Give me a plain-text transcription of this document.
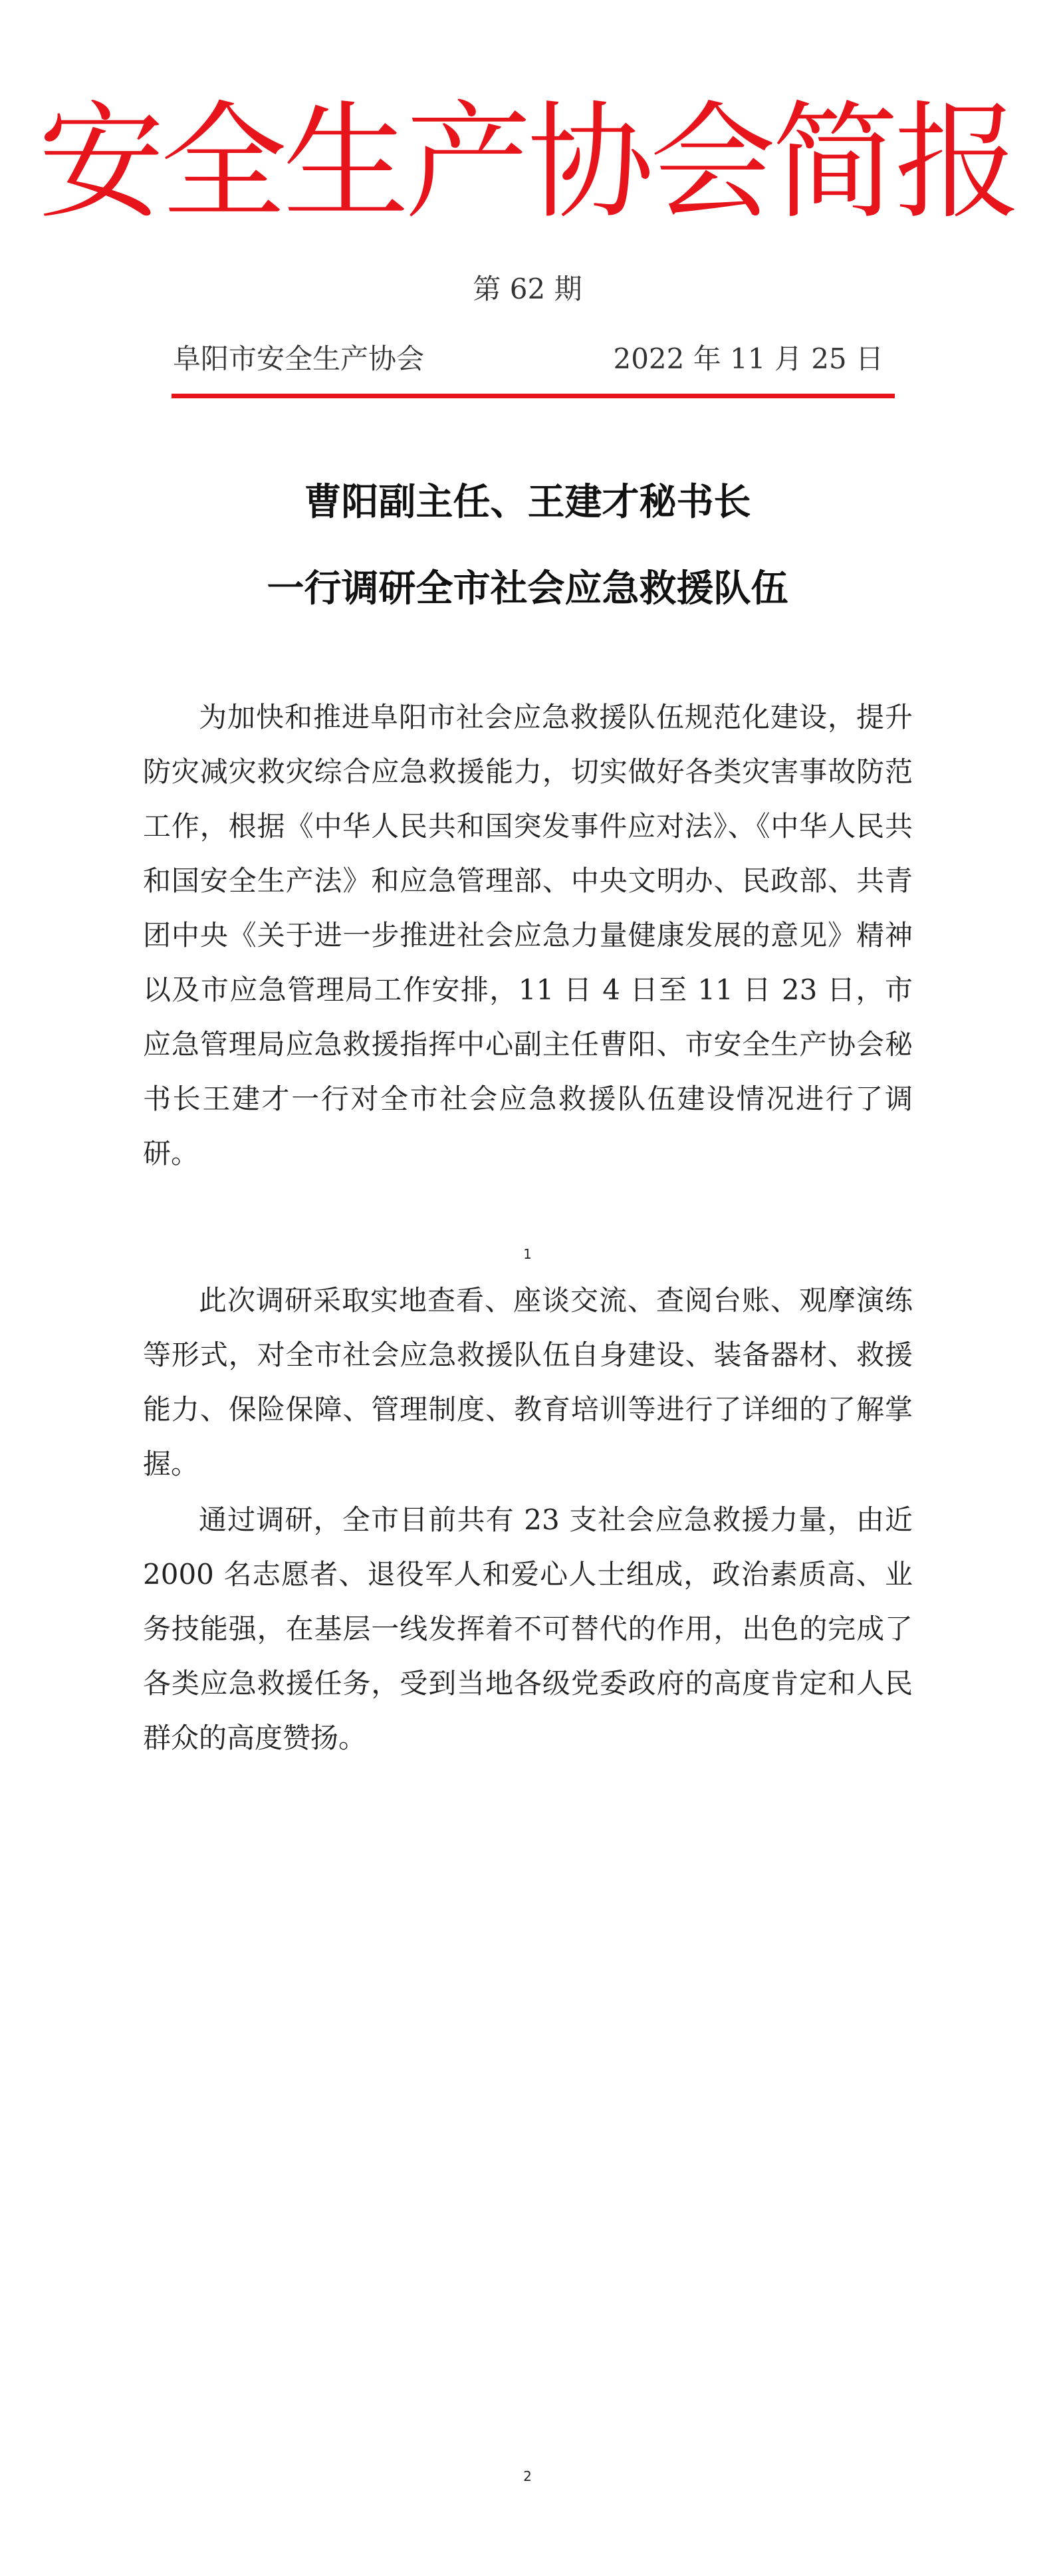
安全生产协会简报
第 62 期
阜阳市安全生产协会	2022 年 11 月 25 日
曹阳副主任、王建才秘书长
一行调研全市社会应急救援队伍

为加快和推进阜阳市社会应急救援队伍规范化建设，提升防灾减灾救灾综合应急救援能力，切实做好各类灾害事故防范工作，根据《中华人民共和国突发事件应对法》、《中华人民共和国安全生产法》和应急管理部、中央文明办、民政部、共青团中央《关于进一步推进社会应急力量健康发展的意见》精神以及市应急管理局工作安排，11 日 4 日至 11 日 23 日，市应急管理局应急救援指挥中心副主任曹阳、市安全生产协会秘书长王建才一行对全市社会应急救援队伍建设情况进行了调研。

1

此次调研采取实地查看、座谈交流、查阅台账、观摩演练等形式，对全市社会应急救援队伍自身建设、装备器材、救援能力、保险保障、管理制度、教育培训等进行了详细的了解掌握。

通过调研，全市目前共有 23 支社会应急救援力量，由近 2000 名志愿者、退役军人和爱心人士组成，政治素质高、业务技能强，在基层一线发挥着不可替代的作用，出色的完成了各类应急救援任务，受到当地各级党委政府的高度肯定和人民群众的高度赞扬。

2
